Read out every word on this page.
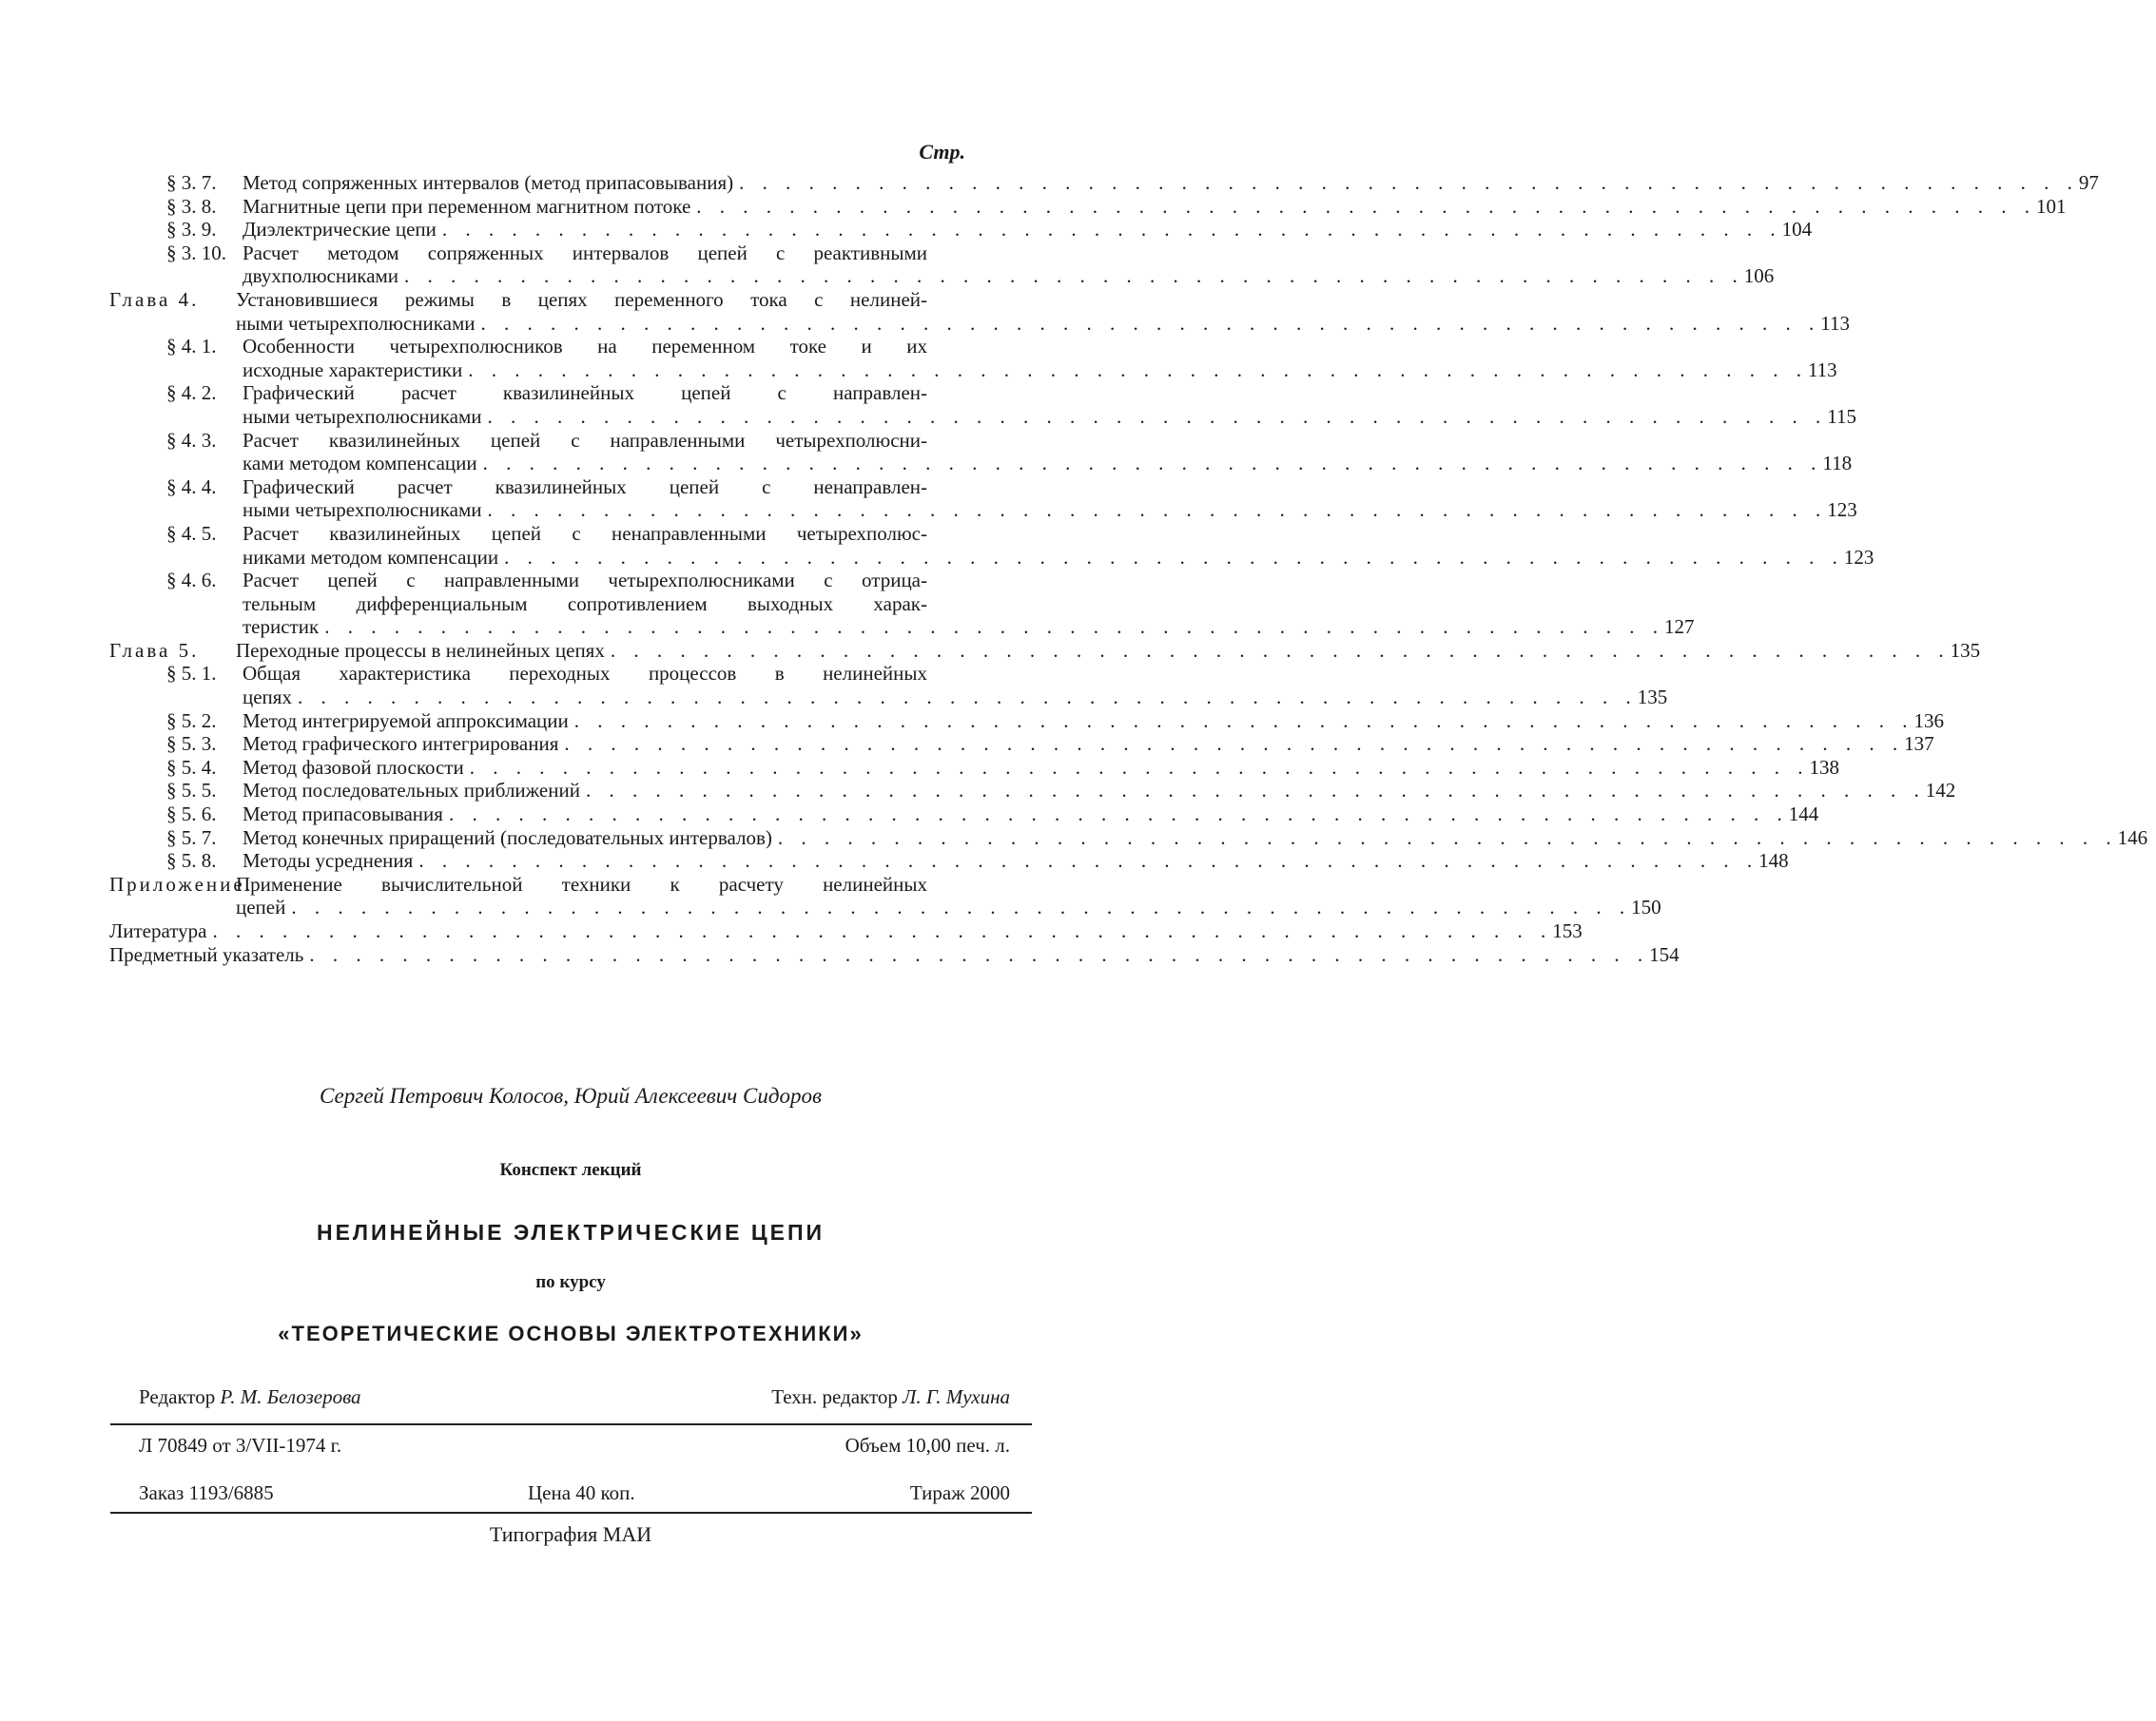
Стр.
§ 3. 7. Метод сопряженных интервалов (метод припасовывания) . . . . . . . . . . . . . . . . . . . . . . . . . . . . . . . . . . . . . . . . . . . . . . . . . . . . . . . . . . 97
§ 3. 8. Магнитные цепи при переменном магнитном потоке . . . . . . . . . . . . . . . . . . . . . . . . . . . . . . . . . . . . . . . . . . . . . . . . . . . . . . . . . . 101
§ 3. 9. Диэлектрические цепи . . . . . . . . . . . . . . . . . . . . . . . . . . . . . . . . . . . . . . . . . . . . . . . . . . . . . . . . . . 104
§ 3. 10. Расчет методом сопряженных интервалов цепей с реактивными
двухполюсниками . . . . . . . . . . . . . . . . . . . . . . . . . . . . . . . . . . . . . . . . . . . . . . . . . . . . . . . . . . 106
Глава 4. Установившиеся режимы в цепях переменного тока с нелиней-
ными четырехполюсниками . . . . . . . . . . . . . . . . . . . . . . . . . . . . . . . . . . . . . . . . . . . . . . . . . . . . . . . . . . 113
§ 4. 1. Особенности четырехполюсников на переменном токе и их
исходные характеристики . . . . . . . . . . . . . . . . . . . . . . . . . . . . . . . . . . . . . . . . . . . . . . . . . . . . . . . . . . 113
§ 4. 2. Графический расчет квазилинейных цепей с направлен-
ными четырехполюсниками . . . . . . . . . . . . . . . . . . . . . . . . . . . . . . . . . . . . . . . . . . . . . . . . . . . . . . . . . . 115
§ 4. 3. Расчет квазилинейных цепей с направленными четырехполюсни-
ками методом компенсации . . . . . . . . . . . . . . . . . . . . . . . . . . . . . . . . . . . . . . . . . . . . . . . . . . . . . . . . . . 118
§ 4. 4. Графический расчет квазилинейных цепей с ненаправлен-
ными четырехполюсниками . . . . . . . . . . . . . . . . . . . . . . . . . . . . . . . . . . . . . . . . . . . . . . . . . . . . . . . . . . 123
§ 4. 5. Расчет квазилинейных цепей с ненаправленными четырехполюс-
никами методом компенсации . . . . . . . . . . . . . . . . . . . . . . . . . . . . . . . . . . . . . . . . . . . . . . . . . . . . . . . . . . 123
§ 4. 6. Расчет цепей с направленными четырехполюсниками с отрица-
тельным дифференциальным сопротивлением выходных харак-
теристик . . . . . . . . . . . . . . . . . . . . . . . . . . . . . . . . . . . . . . . . . . . . . . . . . . . . . . . . . . 127
Глава 5. Переходные процессы в нелинейных цепях . . . . . . . . . . . . . . . . . . . . . . . . . . . . . . . . . . . . . . . . . . . . . . . . . . . . . . . . . . 135
§ 5. 1. Общая характеристика переходных процессов в нелинейных
цепях . . . . . . . . . . . . . . . . . . . . . . . . . . . . . . . . . . . . . . . . . . . . . . . . . . . . . . . . . . 135
§ 5. 2. Метод интегрируемой аппроксимации . . . . . . . . . . . . . . . . . . . . . . . . . . . . . . . . . . . . . . . . . . . . . . . . . . . . . . . . . . 136
§ 5. 3. Метод графического интегрирования . . . . . . . . . . . . . . . . . . . . . . . . . . . . . . . . . . . . . . . . . . . . . . . . . . . . . . . . . . 137
§ 5. 4. Метод фазовой плоскости . . . . . . . . . . . . . . . . . . . . . . . . . . . . . . . . . . . . . . . . . . . . . . . . . . . . . . . . . . 138
§ 5. 5. Метод последовательных приближений . . . . . . . . . . . . . . . . . . . . . . . . . . . . . . . . . . . . . . . . . . . . . . . . . . . . . . . . . . 142
§ 5. 6. Метод припасовывания . . . . . . . . . . . . . . . . . . . . . . . . . . . . . . . . . . . . . . . . . . . . . . . . . . . . . . . . . . 144
§ 5. 7. Метод конечных приращений (последовательных интервалов) . . . . . . . . . . . . . . . . . . . . . . . . . . . . . . . . . . . . . . . . . . . . . . . . . . . . . . . . . . 146
§ 5. 8. Методы усреднения . . . . . . . . . . . . . . . . . . . . . . . . . . . . . . . . . . . . . . . . . . . . . . . . . . . . . . . . . . 148
Приложение.
Применение вычислительной техники к расчету нелинейных
цепей . . . . . . . . . . . . . . . . . . . . . . . . . . . . . . . . . . . . . . . . . . . . . . . . . . . . . . . . . . 150
Литература . . . . . . . . . . . . . . . . . . . . . . . . . . . . . . . . . . . . . . . . . . . . . . . . . . . . . . . . . . 153
Предметный указатель . . . . . . . . . . . . . . . . . . . . . . . . . . . . . . . . . . . . . . . . . . . . . . . . . . . . . . . . . . 154
Сергей Петрович Колосов, Юрий Алексеевич Сидоров
Конспект лекций
НЕЛИНЕЙНЫЕ ЭЛЕКТРИЧЕСКИЕ ЦЕПИ
по курсу
«ТЕОРЕТИЧЕСКИЕ ОСНОВЫ ЭЛЕКТРОТЕХНИКИ»
Редактор Р. М. Белозерова	Техн. редактор Л. Г. Мухина
Л 70849 от 3/VII-1974 г.	Объем 10,00 печ. л.
Заказ 1193/6885	Цена 40 коп.	Тираж 2000
Типография МАИ
